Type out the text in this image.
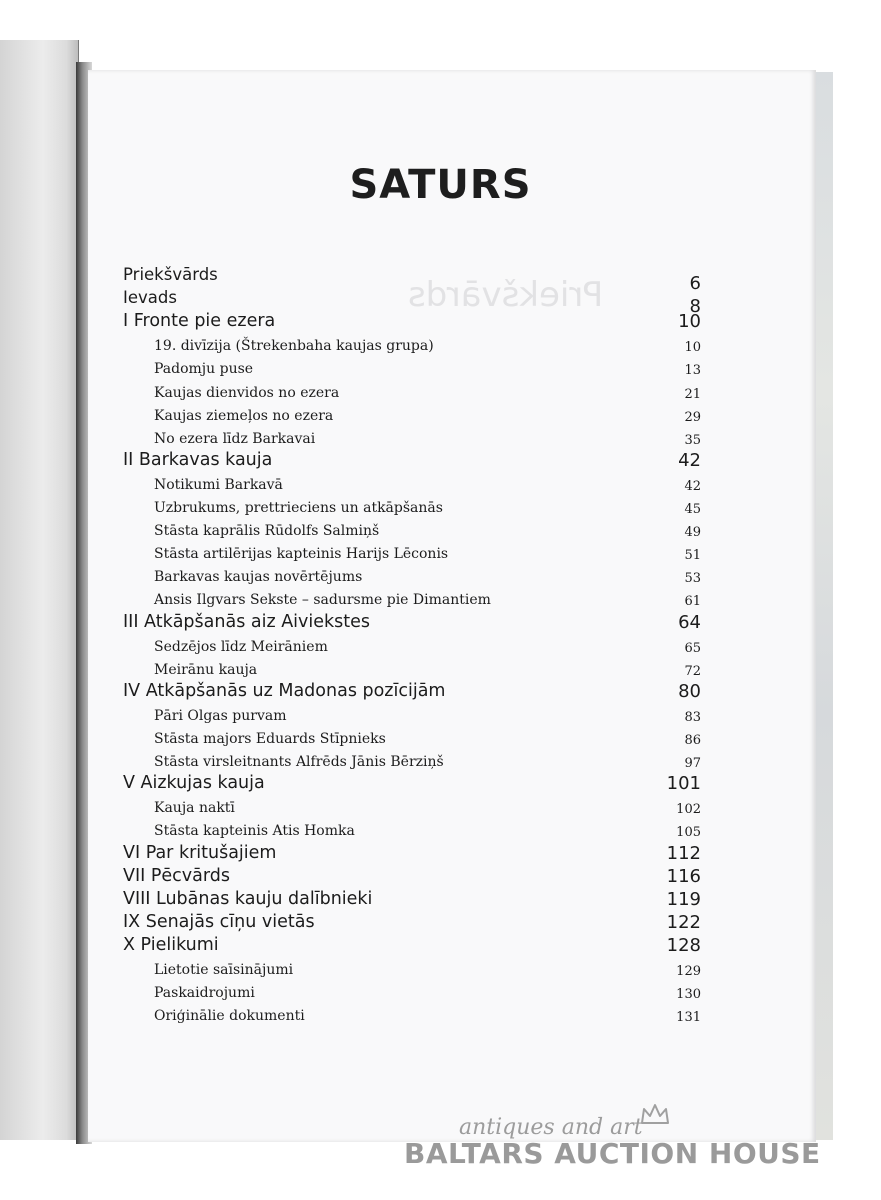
Priekšvārds
SATURS
Priekšvārds	6
Ievads	8
I Fronte pie ezera	10
19. divīzija (Štrekenbaha kaujas grupa)	10
Padomju puse	13
Kaujas dienvidos no ezera	21
Kaujas ziemeļos no ezera	29
No ezera līdz Barkavai	35
II Barkavas kauja	42
Notikumi Barkavā	42
Uzbrukums, prettrieciens un atkāpšanās	45
Stāsta kaprālis Rūdolfs Salmiņš	49
Stāsta artilērijas kapteinis Harijs Lēconis	51
Barkavas kaujas novērtējums	53
Ansis Ilgvars Sekste – sadursme pie Dimantiem	61
III Atkāpšanās aiz Aiviekstes	64
Sedzējos līdz Meirāniem	65
Meirānu kauja	72
IV Atkāpšanās uz Madonas pozīcijām	80
Pāri Olgas purvam	83
Stāsta majors Eduards Stīpnieks	86
Stāsta virsleitnants Alfrēds Jānis Bērziņš	97
V Aizkujas kauja	101
Kauja naktī	102
Stāsta kapteinis Atis Homka	105
VI Par kritušajiem	112
VII Pēcvārds	116
VIII Lubānas kauju dalībnieki	119
IX Senajās cīņu vietās	122
X Pielikumi	128
Lietotie saīsinājumi	129
Paskaidrojumi	130
Oriģinālie dokumenti	131
antiques and art
BALTARS AUCTION HOUSE
